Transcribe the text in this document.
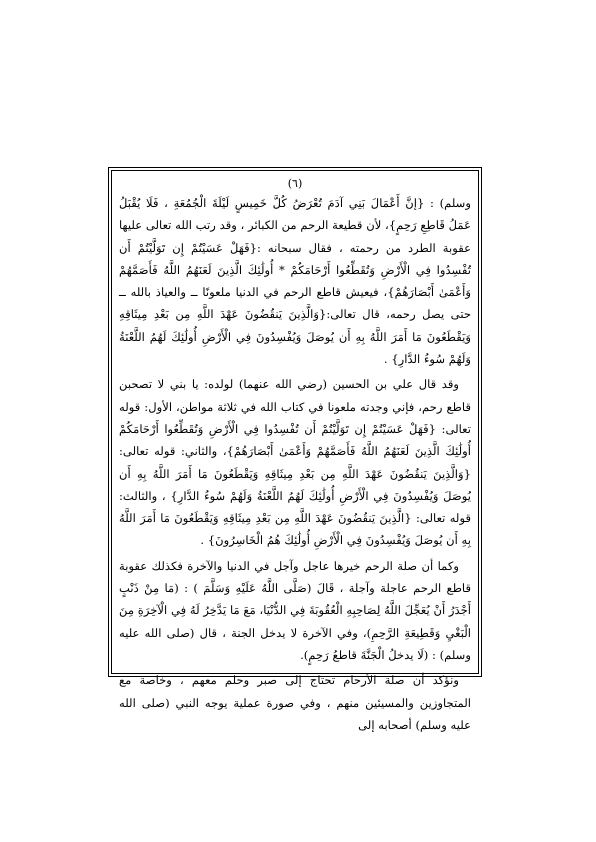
(٦)

وسلم) : {إنَّ أَعْمَالَ بَنِي آدَمَ تُعْرَضُ كُلَّ خَمِيسٍ لَيْلَةَ الْجُمُعَةِ ، فَلَا يُقْبَلُ عَمَلُ قَاطِعِ رَحِمٍ}، لأن قطيعة الرحم من الكبائر ، وقد رتب الله تعالى عليها عقوبة الطرد من رحمته ، فقال سبحانه :{فَهَلْ عَسَيْتُمْ إِن تَوَلَّيْتُمْ أَن تُفْسِدُوا فِي الْأَرْضِ وَتُقَطِّعُوا أَرْحَامَكُمْ * أُولَٰئِكَ الَّذِينَ لَعَنَهُمُ اللَّهُ فَأَصَمَّهُمْ وَأَعْمَىٰ أَبْصَارَهُمْ}، فيعيش قاطع الرحم في الدنيا ملعونًا ــ والعياذ بالله ــ حتى يصل رحمه، قال تعالى:{وَالَّذِينَ يَنقُضُونَ عَهْدَ اللَّهِ مِن بَعْدِ مِيثَاقِهِ وَيَقْطَعُونَ مَا أَمَرَ اللَّهُ بِهِ أَن يُوصَلَ وَيُفْسِدُونَ فِي الْأَرْضِ أُولَٰئِكَ لَهُمُ اللَّعْنَةُ وَلَهُمْ سُوءُ الدَّارِ} .

وقد قال علي بن الحسين (رضي الله عنهما) لولده: يا بني لا تصحبن قاطع رحم، فإني وجدته ملعونا في كتاب الله في ثلاثة مواطن، الأول: قوله تعالى: {فَهَلْ عَسَيْتُمْ إِن تَوَلَّيْتُمْ أَن تُفْسِدُوا فِي الْأَرْضِ وَتُقَطِّعُوا أَرْحَامَكُمْ أُولَٰئِكَ الَّذِينَ لَعَنَهُمُ اللَّهُ فَأَصَمَّهُمْ وَأَعْمَىٰ أَبْصَارَهُمْ}، والثاني: قوله تعالى: {وَالَّذِينَ يَنقُضُونَ عَهْدَ اللَّهِ مِن بَعْدِ مِيثَاقِهِ وَيَقْطَعُونَ مَا أَمَرَ اللَّهُ بِهِ أَن يُوصَلَ وَيُفْسِدُونَ فِي الْأَرْضِ أُولَٰئِكَ لَهُمُ اللَّعْنَةُ وَلَهُمْ سُوءُ الدَّارِ} ، والثالث: قوله تعالى: {الَّذِينَ يَنقُضُونَ عَهْدَ اللَّهِ مِن بَعْدِ مِيثَاقِهِ وَيَقْطَعُونَ مَا أَمَرَ اللَّهُ بِهِ أَن يُوصَلَ وَيُفْسِدُونَ فِي الْأَرْضِ أُولَٰئِكَ هُمُ الْخَاسِرُونَ} .

وكما أن صلة الرحم خيرها عاجل وآجل في الدنيا والآخرة فكذلك عقوبة قاطع الرحم عاجلة وآجلة ، قَالَ (صَلَّى اللَّهُ عَلَيْهِ وَسَلَّمَ ) : (مَا مِنْ ذَنْبٍ أَجْدَرُ أَنْ يُعَجِّلَ اللَّهُ لِصَاحِبِهِ الْعُقُوبَةَ فِي الدُّنْيَا، مَعَ مَا يَدَّخِرُ لَهُ فِي الْآخِرَةِ مِنَ الْبَغْيِ وَقَطِيعَةِ الرَّحِمِ)، وفي الآخرة لا يدخل الجنة ، قال (صلى الله عليه وسلم) : (لَا يدخلُ الْجَنَّةَ قاطعُ رَحِمٍ).

ونؤكد أن صلة الأرحام تحتاج إلى صبر وحلم معهم ، وخاصة مع المتجاوزين والمسيئين منهم ، وفي صورة عملية يوجه النبي (صلى الله عليه وسلم) أصحابه إلى
